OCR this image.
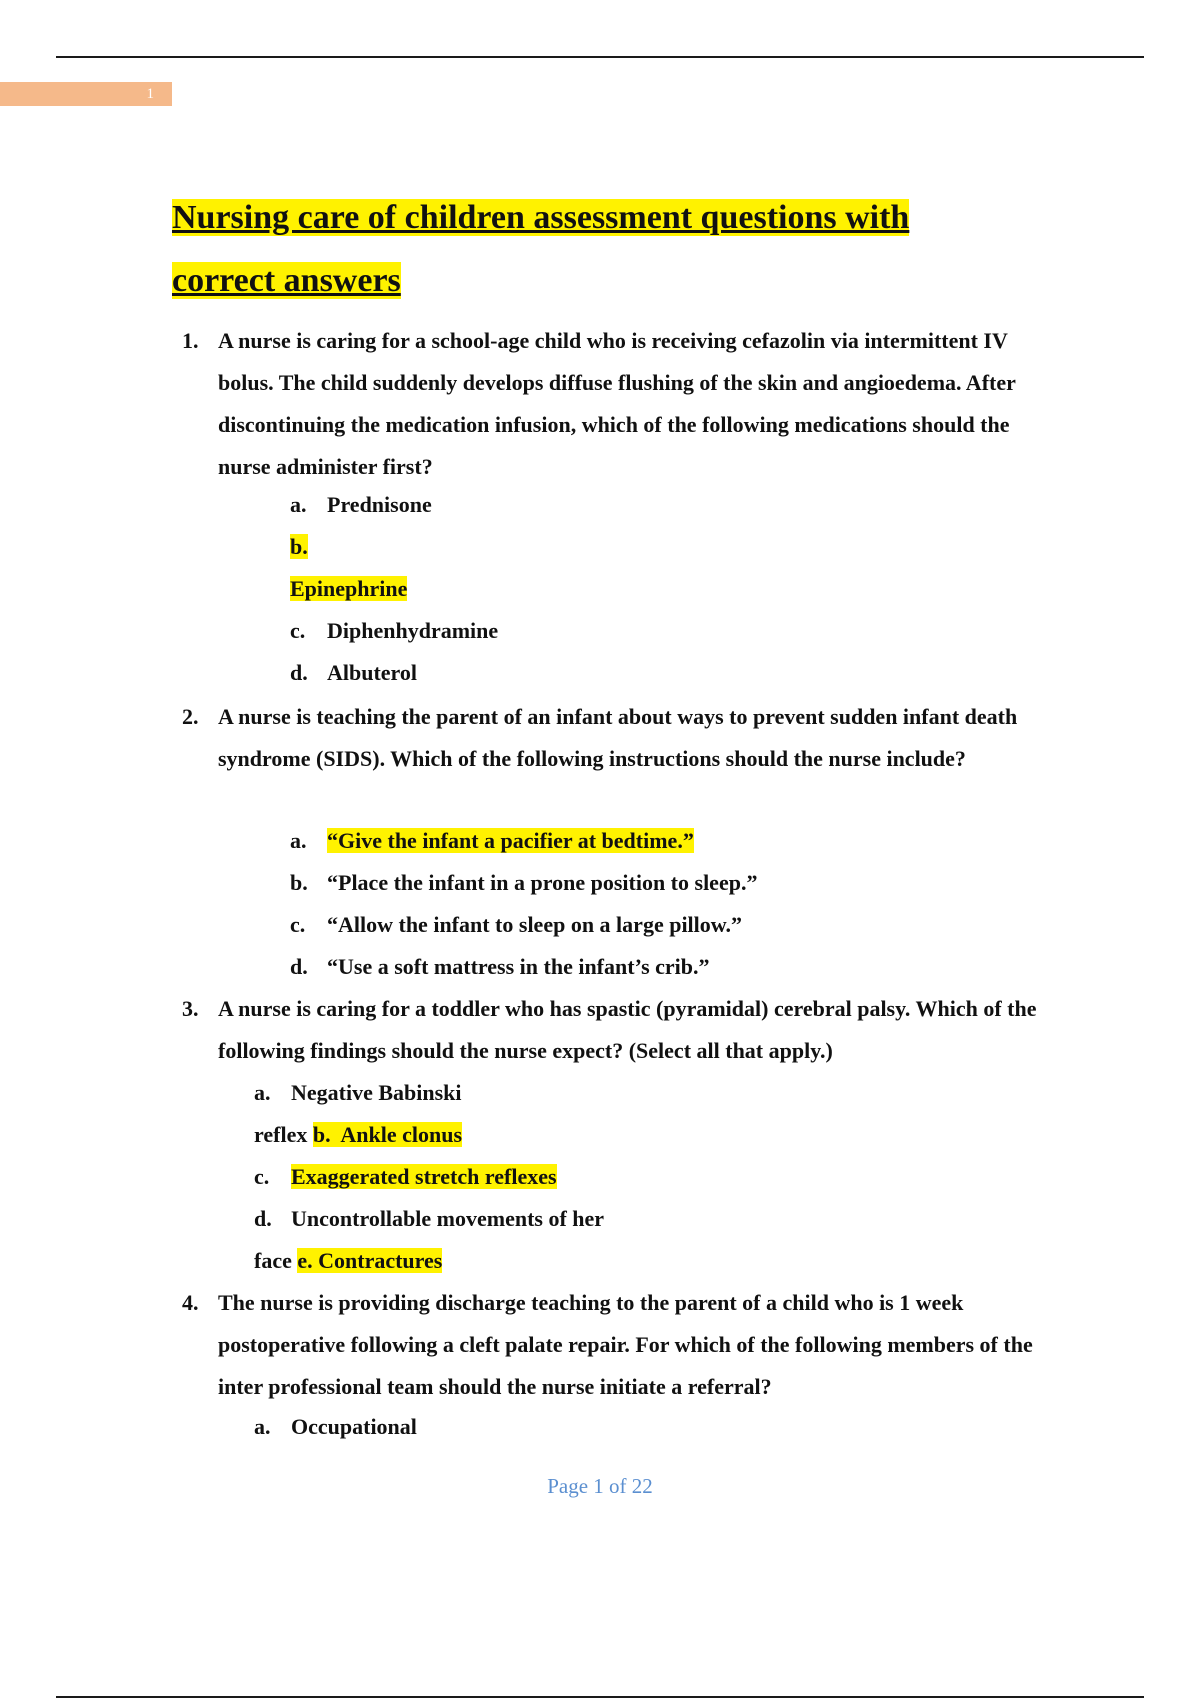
1
Nursing care of children assessment questions with correct answers
1. A nurse is caring for a school-age child who is receiving cefazolin via intermittent IV bolus. The child suddenly develops diffuse flushing of the skin and angioedema. After discontinuing the medication infusion, which of the following medications should the nurse administer first?
a. Prednisone
b.
Epinephrine
c. Diphenhydramine
d. Albuterol
2. A nurse is teaching the parent of an infant about ways to prevent sudden infant death syndrome (SIDS). Which of the following instructions should the nurse include?
a. “Give the infant a pacifier at bedtime.”
b. “Place the infant in a prone position to sleep.”
c. “Allow the infant to sleep on a large pillow.”
d. “Use a soft mattress in the infant’s crib.”
3. A nurse is caring for a toddler who has spastic (pyramidal) cerebral palsy. Which of the following findings should the nurse expect? (Select all that apply.)
a. Negative Babinski
reflex b. Ankle clonus
c. Exaggerated stretch reflexes
d. Uncontrollable movements of her
face e. Contractures
4. The nurse is providing discharge teaching to the parent of a child who is 1 week postoperative following a cleft palate repair. For which of the following members of the inter professional team should the nurse initiate a referral?
a. Occupational
Page 1 of 22
